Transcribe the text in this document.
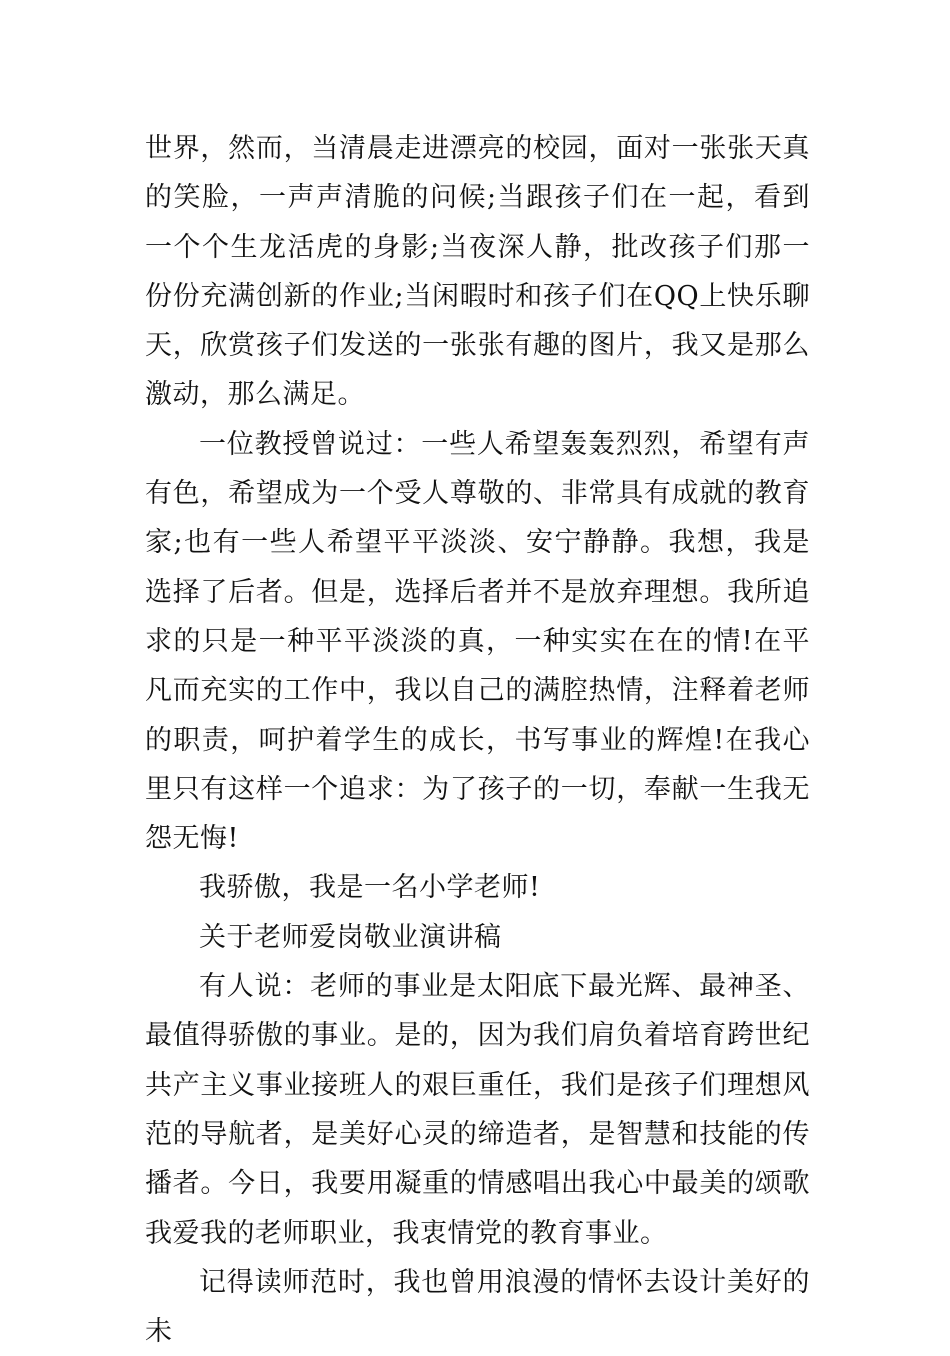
世界，然而，当清晨走进漂亮的校园，面对一张张天真的笑脸，一声声清脆的问候;当跟孩子们在一起，看到一个个生龙活虎的身影;当夜深人静，批改孩子们那一份份充满创新的作业;当闲暇时和孩子们在QQ上快乐聊天，欣赏孩子们发送的一张张有趣的图片，我又是那么激动，那么满足。

一位教授曾说过：一些人希望轰轰烈烈，希望有声有色，希望成为一个受人尊敬的、非常具有成就的教育家;也有一些人希望平平淡淡、安宁静静。我想，我是选择了后者。但是，选择后者并不是放弃理想。我所追求的只是一种平平淡淡的真，一种实实在在的情!在平凡而充实的工作中，我以自己的满腔热情，注释着老师的职责，呵护着学生的成长，书写事业的辉煌!在我心里只有这样一个追求：为了孩子的一切，奉献一生我无怨无悔!

我骄傲，我是一名小学老师!

关于老师爱岗敬业演讲稿

有人说：老师的事业是太阳底下最光辉、最神圣、最值得骄傲的事业。是的，因为我们肩负着培育跨世纪共产主义事业接班人的艰巨重任，我们是孩子们理想风范的导航者，是美好心灵的缔造者，是智慧和技能的传播者。今日，我要用凝重的情感唱出我心中最美的颂歌我爱我的老师职业，我衷情党的教育事业。

记得读师范时，我也曾用浪漫的情怀去设计美好的未
